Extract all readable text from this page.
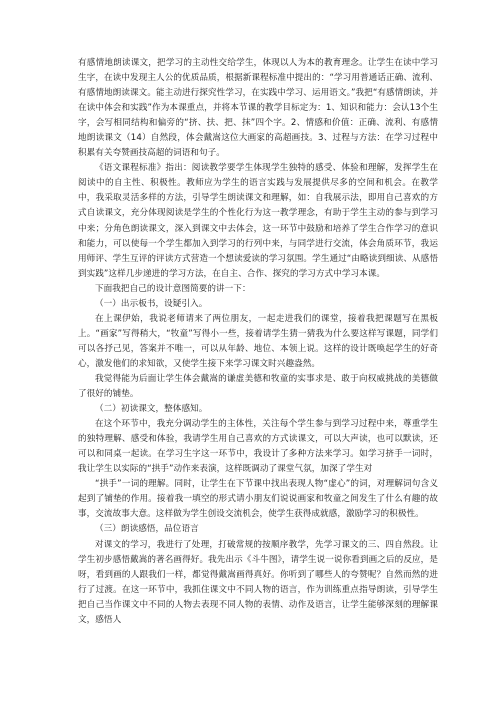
有感情地朗读课文，把学习的主动性交给学生，体现以人为本的教育理念。让学生在读中学习生字，在读中发现主人公的优质品质，根据新课程标准中提出的：“学习用普通话正确、流利、有感情地朗读课文。能主动进行探究性学习，在实践中学习、运用语文。”我把“有感情朗读，并在读中体会和实践”作为本课重点，并将本节课的教学目标定为：1、知识和能力：会认13个生字，会写相同结构和偏旁的“挤、扶、把、抹”四个字。2、情感和价值：正确、流利、有感情地朗读课文（14）自然段，体会戴嵩这位大画家的高超画技。3、过程与方法：在学习过程中积累有关夸赞画技高超的词语和句子。

《语文课程标准》指出：阅读教学要学生体现学生独特的感受、体验和理解，发挥学生在阅读中的自主性、积极性。教师应为学生的语言实践与发展提供尽多的空间和机会。在教学中，我采取灵活多样的方法，引导学生朗读课文和理解，如：自我展示法，即用自己喜欢的方式自读课文，充分体现阅读是学生的个性化行为这一教学理念，有助于学生主动的参与到学习中来；分角色朗读课文，深入到课文中去体会，这一环节中鼓励和培养了学生合作学习的意识和能力，可以使每一个学生都加入到学习的行列中来，与同学进行交流，体会角质环节，我运用师评、学生互评的评读方式营造一个想读爱读的学习氛围。学生通过“由略读到细读、从感悟到实践”这样几步递进的学习方法，在自主、合作、探究的学习方式中学习本课。

下面我把自己的设计意图简要的讲一下：

（一）出示板书，设疑引入。

在上课伊始，我说老师请来了两位朋友，一起走进我们的课堂，接着我把课题写在黑板上。“画家”写得稍大，“牧童”写得小一些，接着请学生猜一猜我为什么要这样写课题，同学们可以各抒己见，答案并不唯一，可以从年龄、地位、本领上说。这样的设计既唤起学生的好奇心，激发他们的求知欲，又使学生接下来学习课文时兴趣盎然。

我觉得能为后面让学生体会戴嵩的谦虚美德和牧童的实事求是、敢于向权威挑战的美德做了很好的铺垫。

（二）初读课文，整体感知。

在这个环节中，我充分调动学生的主体性，关注每个学生参与到学习过程中来，尊重学生的独特理解、感受和体验，我请学生用自己喜欢的方式读课文，可以大声读，也可以默读，还可以和同桌一起读。在学习生字这一环节中，我设计了多种方法来学习。如学习挤手一词时，我让学生以实际的“拱手”动作来表演，这样既调动了课堂气氛，加深了学生对

“拱手”一词的理解。同时，让学生在下节课中找出表现人物“虚心”的词，对理解词句含义起到了铺垫的作用。接着我一填空的形式请小朋友们说说画家和牧童之间发生了什么有趣的故事，交流故事大意。这样做为学生创设交流机会，使学生获得成就感，激励学习的积极性。

（三）朗读感悟，品位语言

对课文的学习，我进行了处理，打破常规的按顺序教学，先学习课文的三、四自然段。让学生初步感悟戴嵩的著名画得好。我先出示《斗牛图》，请学生说一说你看到画之后的反应，是呀，看到画的人跟我们一样，都觉得戴嵩画得真好。你听到了哪些人的夸赞呢？自然而然的进行了过渡。在这一环节中，我抓住课文中不同人物的语言，作为训练重点指导朗读，引导学生把自己当作课文中不同的人物去表现不同人物的表情、动作及语言，让学生能够深刻的理解课文，感悟人
